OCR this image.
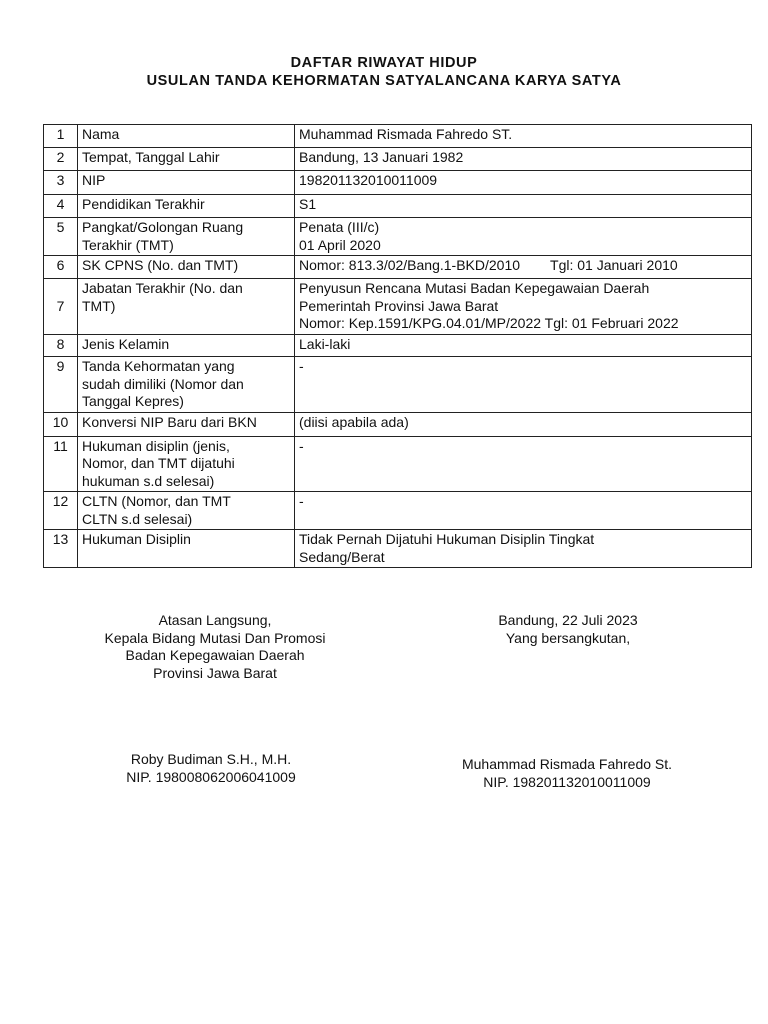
DAFTAR RIWAYAT HIDUP
USULAN TANDA KEHORMATAN SATYALANCANA KARYA SATYA
1	Nama	Muhammad Rismada Fahredo ST.

2	Tempat, Tanggal Lahir	Bandung, 13 Januari 1982

3	NIP	198201132010011009

4	Pendidikan Terakhir	S1

5	Pangkat/Golongan Ruang
Terakhir (TMT)	Penata (III/c)
01 April 2020

6	SK CPNS (No. dan TMT)	Nomor: 813.3/02/Bang.1-BKD/2010 Tgl: 01 Januari 2010

7	Jabatan Terakhir (No. dan
TMT)	Penyusun Rencana Mutasi Badan Kepegawaian Daerah
Pemerintah Provinsi Jawa Barat
Nomor: Kep.1591/KPG.04.01/MP/2022 Tgl: 01 Februari 2022

8	Jenis Kelamin	Laki-laki

9	Tanda Kehormatan yang
sudah dimiliki (Nomor dan
Tanggal Kepres)	-

10	Konversi NIP Baru dari BKN	(diisi apabila ada)

11	Hukuman disiplin (jenis,
Nomor, dan TMT dijatuhi
hukuman s.d selesai)	-

12	CLTN (Nomor, dan TMT
CLTN s.d selesai)	-

13	Hukuman Disiplin	Tidak Pernah Dijatuhi Hukuman Disiplin Tingkat
Sedang/Berat
Atasan Langsung,
Kepala Bidang Mutasi Dan Promosi
Badan Kepegawaian Daerah
Provinsi Jawa Barat
Bandung, 22 Juli 2023
Yang bersangkutan,
Roby Budiman S.H., M.H.
NIP. 198008062006041009
Muhammad Rismada Fahredo St.
NIP. 198201132010011009
